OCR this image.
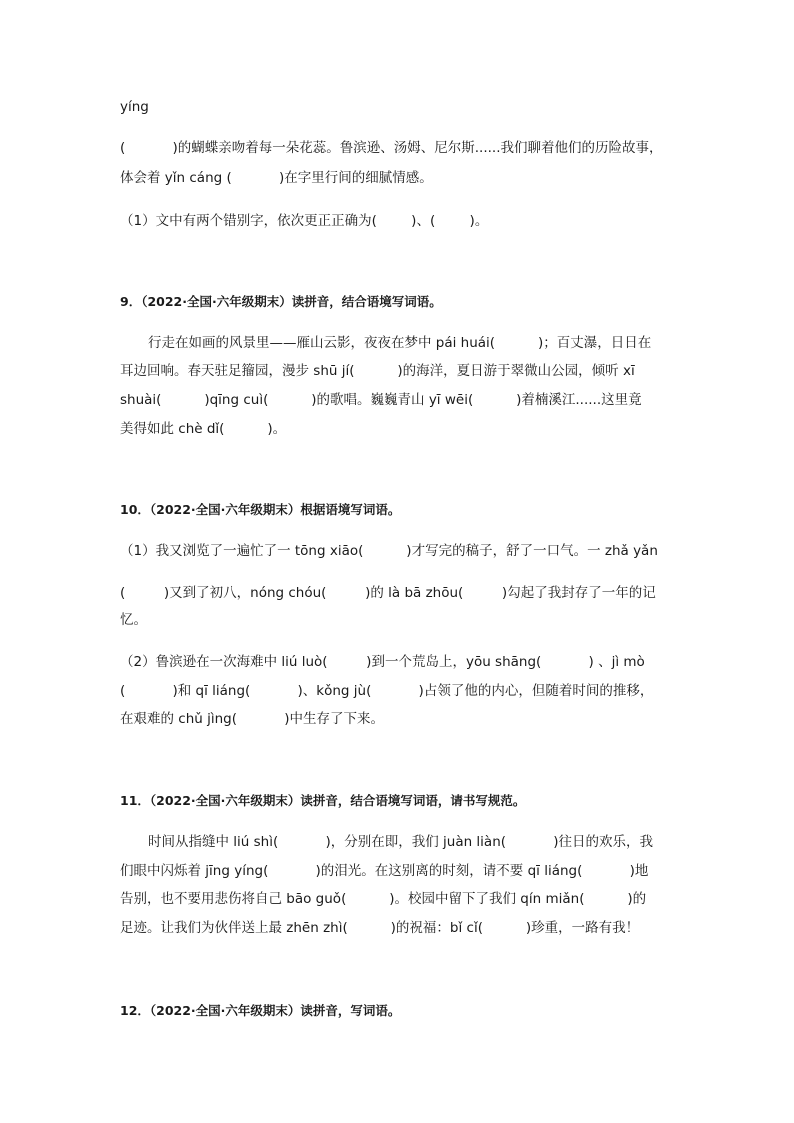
yíng
(           )的蝴蝶亲吻着每一朵花蕊。鲁滨逊、汤姆、尼尔斯......我们聊着他们的历险故事，
体会着 yǐn cáng (           )在字里行间的细腻情感。
（1）文中有两个错别字，依次更正正确为(        )、(        )。
9．（2022·全国·六年级期末）读拼音，结合语境写词语。
行走在如画的风景里——雁山云影，夜夜在梦中 pái huái(          )；百丈瀑，日日在
耳边回响。春天驻足籀园，漫步 shū jí(          )的海洋，夏日游于翠微山公园，倾听 xī
shuài(          )qīng cuì(          )的歌唱。巍巍青山 yī wēi(          )着楠溪江......这里竟
美得如此 chè dǐ(          )。
10．（2022·全国·六年级期末）根据语境写词语。
（1）我又浏览了一遍忙了一 tōng xiāo(          )才写完的稿子，舒了一口气。一 zhǎ yǎn
(         )又到了初八，nóng chóu(         )的 là bā zhōu(         )勾起了我封存了一年的记
忆。
（2）鲁滨逊在一次海难中 liú luò(         )到一个荒岛上，yōu shāng(           ) 、jì mò
(           )和 qī liáng(           )、kǒng jù(           )占领了他的内心，但随着时间的推移，
在艰难的 chǔ jìng(           )中生存了下来。
11．（2022·全国·六年级期末）读拼音，结合语境写词语，请书写规范。
时间从指缝中 liú shì(           )，分别在即，我们 juàn liàn(           )往日的欢乐，我
们眼中闪烁着 jīng yíng(           )的泪光。在这别离的时刻，请不要 qī liáng(           )地
告别，也不要用悲伤将自己 bāo guǒ(          )。校园中留下了我们 qín miǎn(          )的
足迹。让我们为伙伴送上最 zhēn zhì(          )的祝福：bǐ cǐ(          )珍重，一路有我！
12．（2022·全国·六年级期末）读拼音，写词语。
